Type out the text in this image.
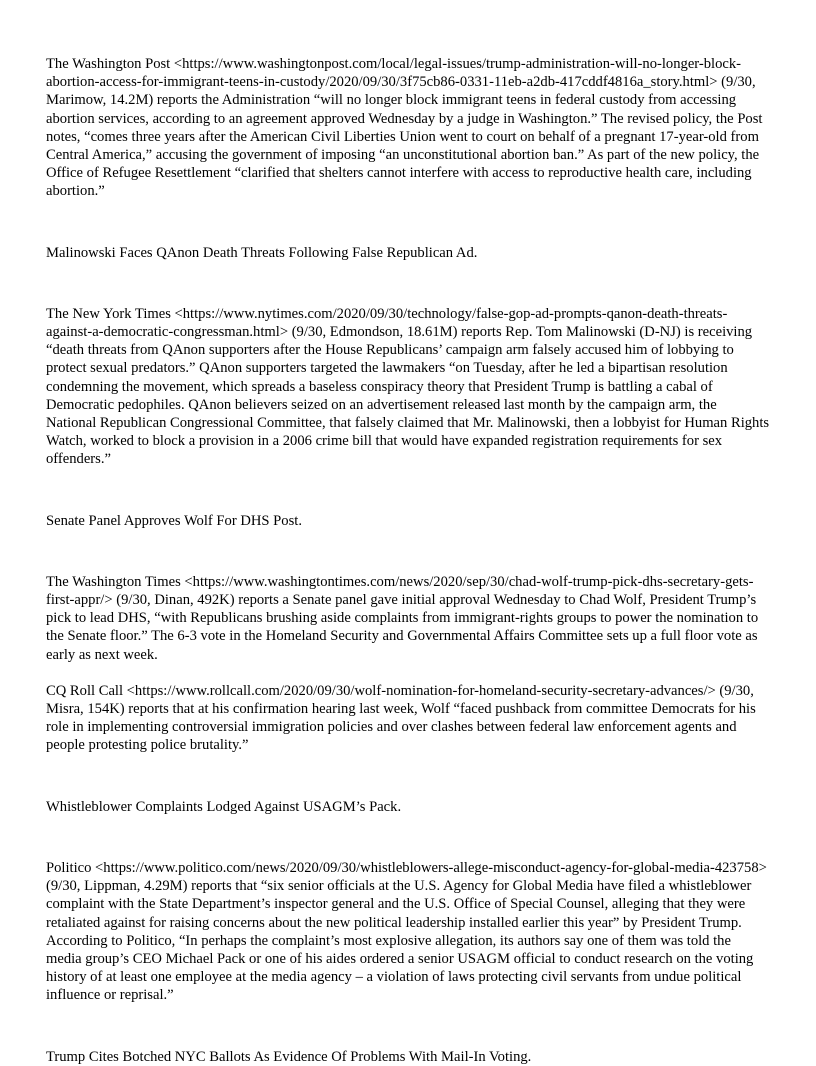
The Washington Post <https://www.washingtonpost.com/local/legal-issues/trump-administration-will-no-longer-block-abortion-access-for-immigrant-teens-in-custody/2020/09/30/3f75cb86-0331-11eb-a2db-417cddf4816a_story.html> (9/30, Marimow, 14.2M) reports the Administration “will no longer block immigrant teens in federal custody from accessing abortion services, according to an agreement approved Wednesday by a judge in Washington.” The revised policy, the Post notes, “comes three years after the American Civil Liberties Union went to court on behalf of a pregnant 17-year-old from Central America,” accusing the government of imposing “an unconstitutional abortion ban.” As part of the new policy, the Office of Refugee Resettlement “clarified that shelters cannot interfere with access to reproductive health care, including abortion.”

Malinowski Faces QAnon Death Threats Following False Republican Ad.

The New York Times <https://www.nytimes.com/2020/09/30/technology/false-gop-ad-prompts-qanon-death-threats-against-a-democratic-congressman.html> (9/30, Edmondson, 18.61M) reports Rep. Tom Malinowski (D-NJ) is receiving “death threats from QAnon supporters after the House Republicans’ campaign arm falsely accused him of lobbying to protect sexual predators.” QAnon supporters targeted the lawmakers “on Tuesday, after he led a bipartisan resolution condemning the movement, which spreads a baseless conspiracy theory that President Trump is battling a cabal of Democratic pedophiles. QAnon believers seized on an advertisement released last month by the campaign arm, the National Republican Congressional Committee, that falsely claimed that Mr. Malinowski, then a lobbyist for Human Rights Watch, worked to block a provision in a 2006 crime bill that would have expanded registration requirements for sex offenders.”

Senate Panel Approves Wolf For DHS Post.

The Washington Times <https://www.washingtontimes.com/news/2020/sep/30/chad-wolf-trump-pick-dhs-secretary-gets-first-appr/> (9/30, Dinan, 492K) reports a Senate panel gave initial approval Wednesday to Chad Wolf, President Trump’s pick to lead DHS, “with Republicans brushing aside complaints from immigrant-rights groups to power the nomination to the Senate floor.” The 6-3 vote in the Homeland Security and Governmental Affairs Committee sets up a full floor vote as early as next week.

CQ Roll Call <https://www.rollcall.com/2020/09/30/wolf-nomination-for-homeland-security-secretary-advances/> (9/30, Misra, 154K) reports that at his confirmation hearing last week, Wolf “faced pushback from committee Democrats for his role in implementing controversial immigration policies and over clashes between federal law enforcement agents and people protesting police brutality.”

Whistleblower Complaints Lodged Against USAGM’s Pack.

Politico <https://www.politico.com/news/2020/09/30/whistleblowers-allege-misconduct-agency-for-global-media-423758> (9/30, Lippman, 4.29M) reports that “six senior officials at the U.S. Agency for Global Media have filed a whistleblower complaint with the State Department’s inspector general and the U.S. Office of Special Counsel, alleging that they were retaliated against for raising concerns about the new political leadership installed earlier this year” by President Trump. According to Politico, “In perhaps the complaint’s most explosive allegation, its authors say one of them was told the media group’s CEO Michael Pack or one of his aides ordered a senior USAGM official to conduct research on the voting history of at least one employee at the media agency – a violation of laws protecting civil servants from undue political influence or reprisal.”

Trump Cites Botched NYC Ballots As Evidence Of Problems With Mail-In Voting.
